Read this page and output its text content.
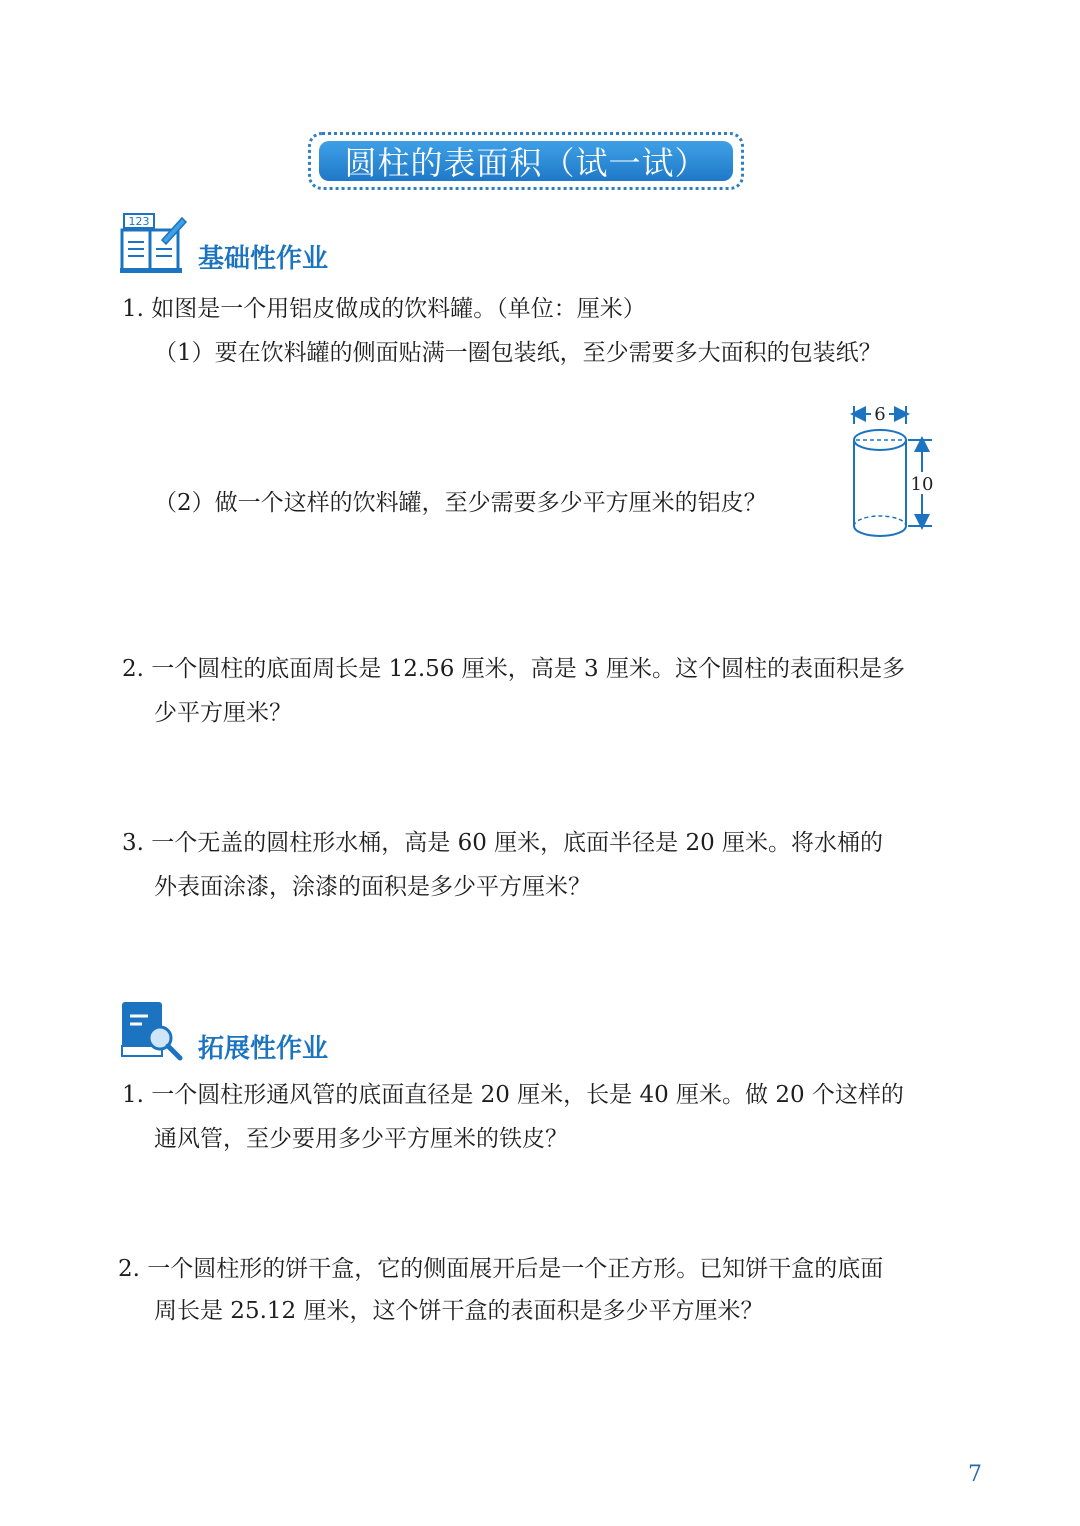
圆柱的表面积（试一试）
123
基础性作业
1. 如图是一个用铝皮做成的饮料罐。（单位：厘米）
（1）要在饮料罐的侧面贴满一圈包装纸，至少需要多大面积的包装纸？
（2）做一个这样的饮料罐，至少需要多少平方厘米的铝皮？
6
10
2. 一个圆柱的底面周长是 12.56 厘米，高是 3 厘米。这个圆柱的表面积是多
少平方厘米？
3. 一个无盖的圆柱形水桶，高是 60 厘米，底面半径是 20 厘米。将水桶的
外表面涂漆，涂漆的面积是多少平方厘米？
拓展性作业
1. 一个圆柱形通风管的底面直径是 20 厘米，长是 40 厘米。做 20 个这样的
通风管，至少要用多少平方厘米的铁皮？
2. 一个圆柱形的饼干盒，它的侧面展开后是一个正方形。已知饼干盒的底面
周长是 25.12 厘米，这个饼干盒的表面积是多少平方厘米？
7
